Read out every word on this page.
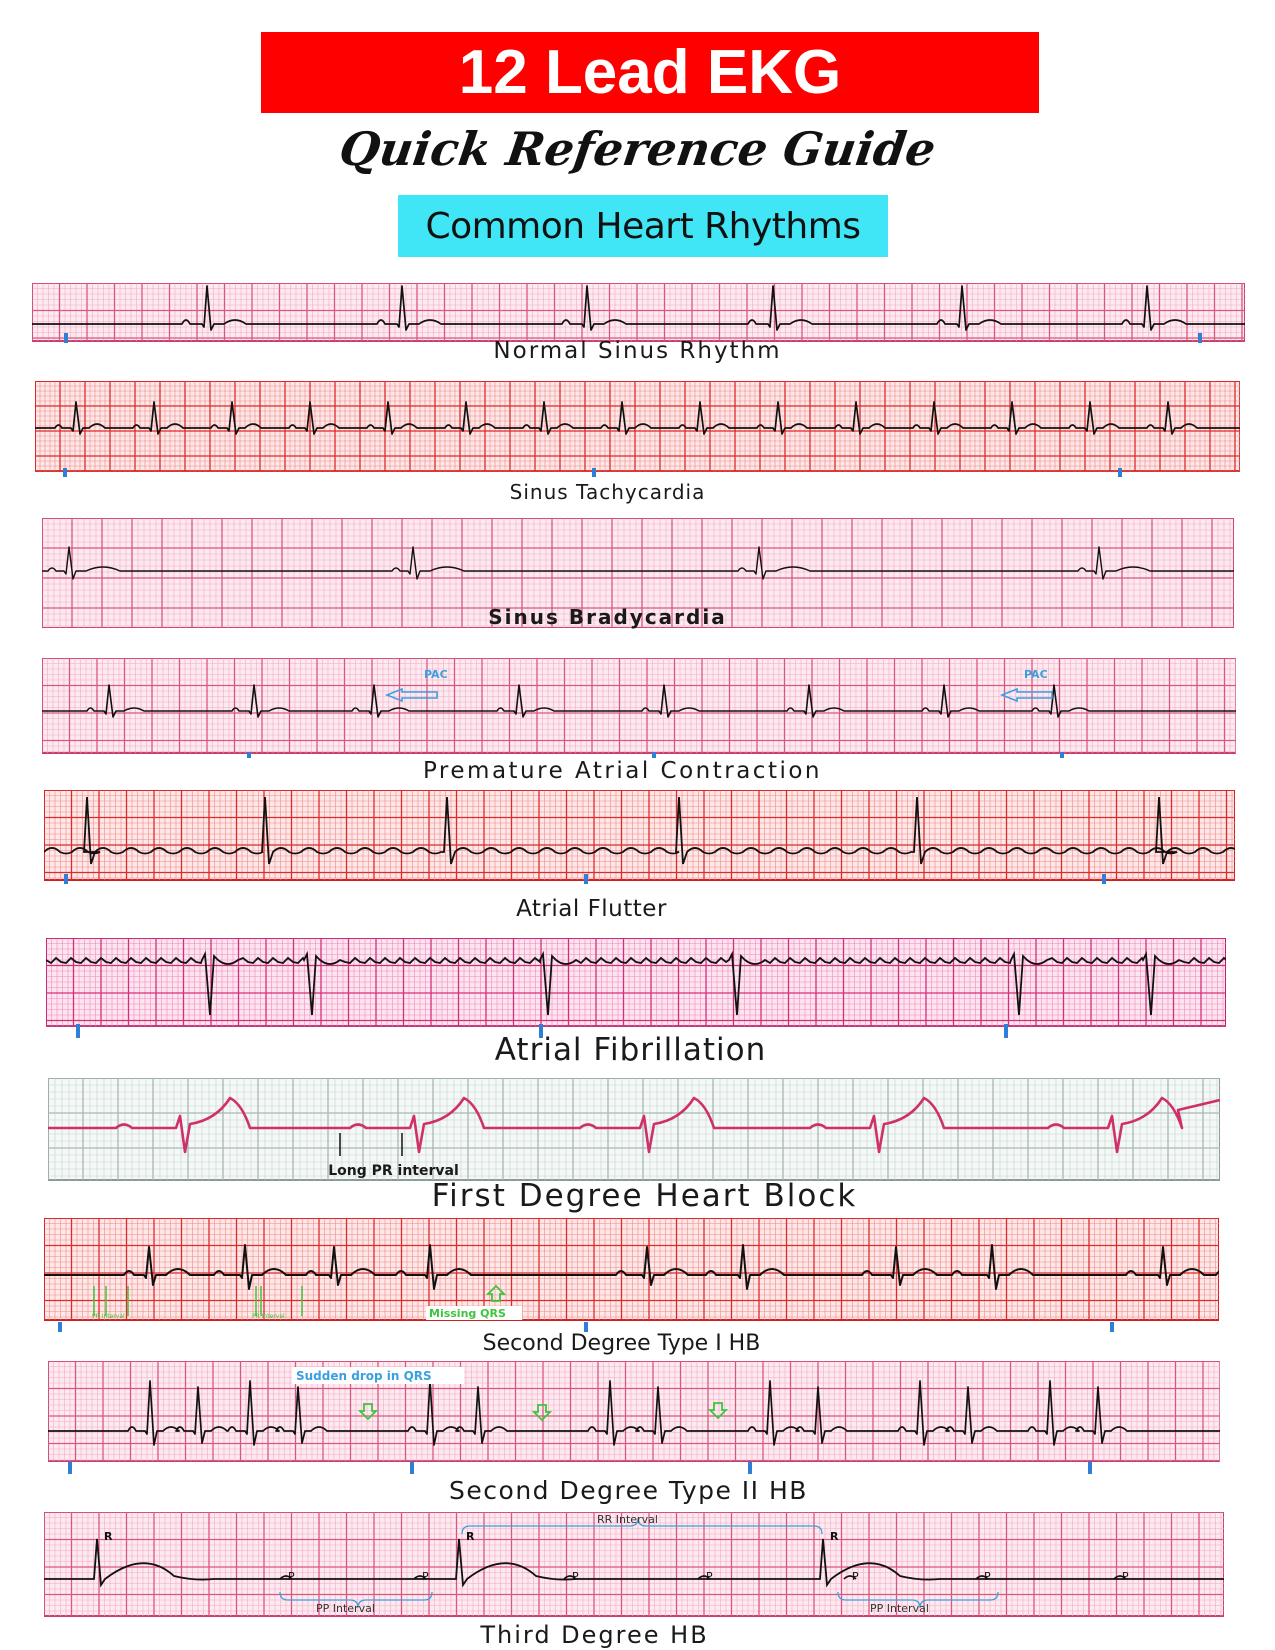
12 Lead EKG
Quick Reference Guide
Common Heart Rhythms
Normal Sinus Rhythm
Sinus Tachycardia
Sinus Bradycardia
PAC	PAC
Premature Atrial Contraction
Atrial Flutter
Atrial Fibrillation
Long PR interval
First Degree Heart Block
PR Interval	PR Interval	Missing QRS
Second Degree Type I HB
Sudden drop in QRS
Second Degree Type II HB
P	P	P	P	P	P	P
R	R	R
RR Interval
PP Interval	PP Interval
Third Degree HB
